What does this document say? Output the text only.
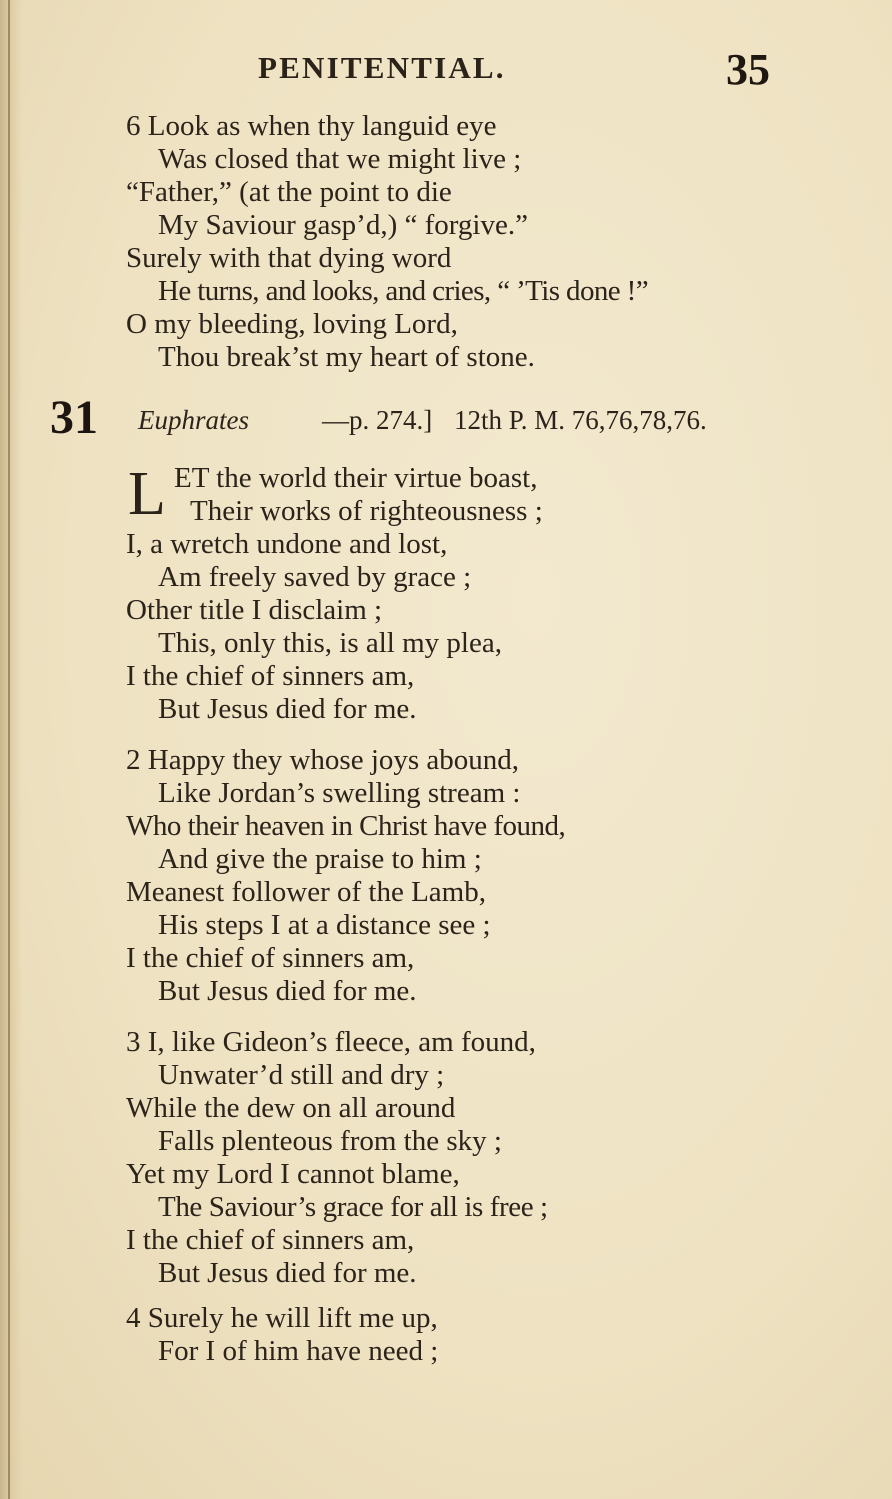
PENITENTIAL.	35
6 Look as when thy languid eye
Was closed that we might live ;
“Father,” (at the point to die
My Saviour gasp’d,) “ forgive.”
Surely with that dying word
He turns, and looks, and cries, “ ’Tis done !”
O my bleeding, loving Lord,
Thou break’st my heart of stone.
31 Euphrates	—p. 274.] 12th P. M. 76,76,78,76.
L ET the world their virtue boast,
Their works of righteousness ;
I, a wretch undone and lost,
Am freely saved by grace ;
Other title I disclaim ;
This, only this, is all my plea,
I the chief of sinners am,
But Jesus died for me.
2 Happy they whose joys abound,
Like Jordan’s swelling stream :
Who their heaven in Christ have found,
And give the praise to him ;
Meanest follower of the Lamb,
His steps I at a distance see ;
I the chief of sinners am,
But Jesus died for me.
3 I, like Gideon’s fleece, am found,
Unwater’d still and dry ;
While the dew on all around
Falls plenteous from the sky ;
Yet my Lord I cannot blame,
The Saviour’s grace for all is free ;
I the chief of sinners am,
But Jesus died for me.
4 Surely he will lift me up,
For I of him have need ;
